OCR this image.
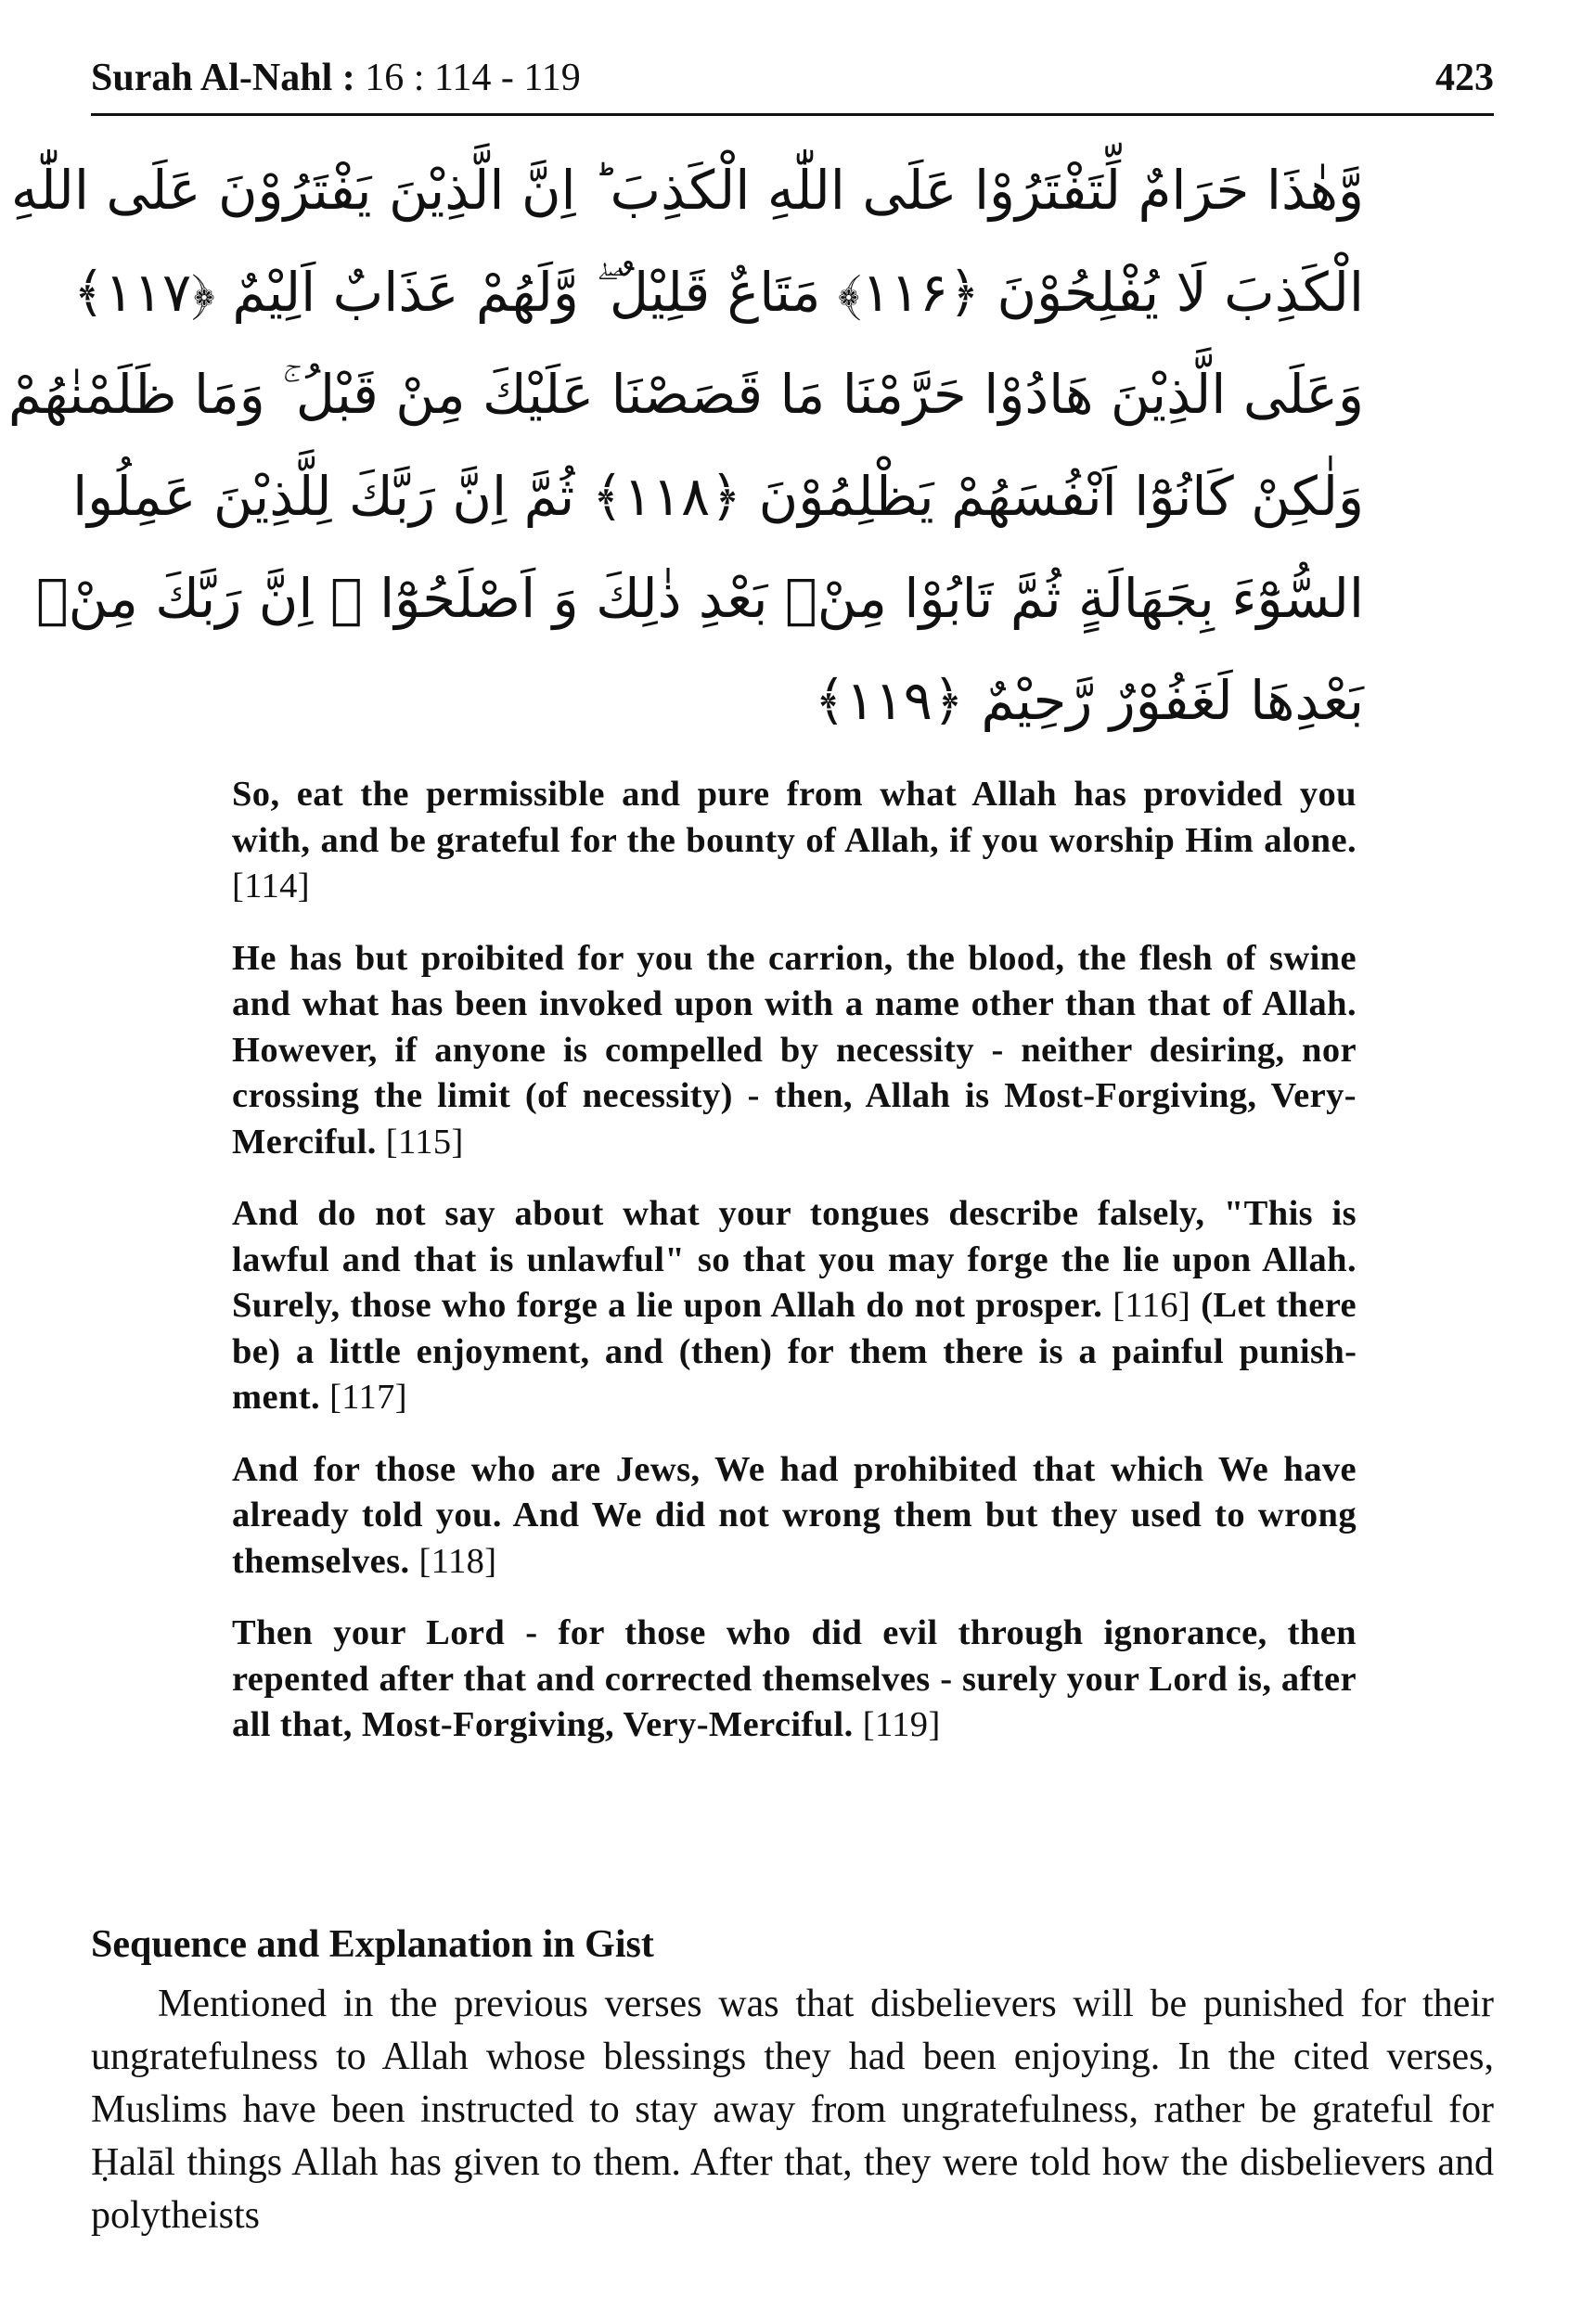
Surah Al-Nahl : 16 : 114 - 119	423
وَّهٰذَا حَرَامٌ لِّتَفْتَرُوْا عَلَى اللّٰهِ الْكَذِبَ ؕ اِنَّ الَّذِيْنَ يَفْتَرُوْنَ عَلَى اللّٰهِ
الْكَذِبَ لَا يُفْلِحُوْنَ ﴿۱۱۶﴾ مَتَاعٌ قَلِيْلٌ ۖ وَّلَهُمْ عَذَابٌ اَلِيْمٌ ﴿۱۱۷﴾
وَعَلَى الَّذِيْنَ هَادُوْا حَرَّمْنَا مَا قَصَصْنَا عَلَيْكَ مِنْ قَبْلُ ۚ وَمَا ظَلَمْنٰهُمْ
وَلٰكِنْ كَانُوْٓا اَنْفُسَهُمْ يَظْلِمُوْنَ ﴿۱۱۸﴾ ثُمَّ اِنَّ رَبَّكَ لِلَّذِيْنَ عَمِلُوا
السُّوْٓءَ بِجَهَالَةٍ ثُمَّ تَابُوْا مِنْۢ بَعْدِ ذٰلِكَ وَ اَصْلَحُوْٓا ۙ اِنَّ رَبَّكَ مِنْۢ
بَعْدِهَا لَغَفُوْرٌ رَّحِيْمٌ ﴿۱۱۹﴾

So, eat the permissible and pure from what Allah has provided you with, and be grateful for the bounty of Allah, if you worship Him alone. [114]

He has but proibited for you the carrion, the blood, the flesh of swine and what has been invoked upon with a name other than that of Allah. However, if anyone is compelled by necessity - neither desiring, nor crossing the limit (of necessity) - then, Allah is Most-Forgiving, Very-Merciful. [115]

And do not say about what your tongues describe falsely, "This is lawful and that is unlawful" so that you may forge the lie upon Allah. Surely, those who forge a lie upon Allah do not prosper. [116] (Let there be) a little enjoyment, and (then) for them there is a painful punishment. [117]

And for those who are Jews, We had prohibited that which We have already told you. And We did not wrong them but they used to wrong themselves. [118]

Then your Lord - for those who did evil through ignorance, then repented after that and corrected themselves - surely your Lord is, after all that, Most-Forgiving, Very-Merciful. [119]

Sequence and Explanation in Gist

Mentioned in the previous verses was that disbelievers will be punished for their ungratefulness to Allah whose blessings they had been enjoying. In the cited verses, Muslims have been instructed to stay away from ungratefulness, rather be grateful for Ḥalāl things Allah has given to them. After that, they were told how the disbelievers and polytheists
